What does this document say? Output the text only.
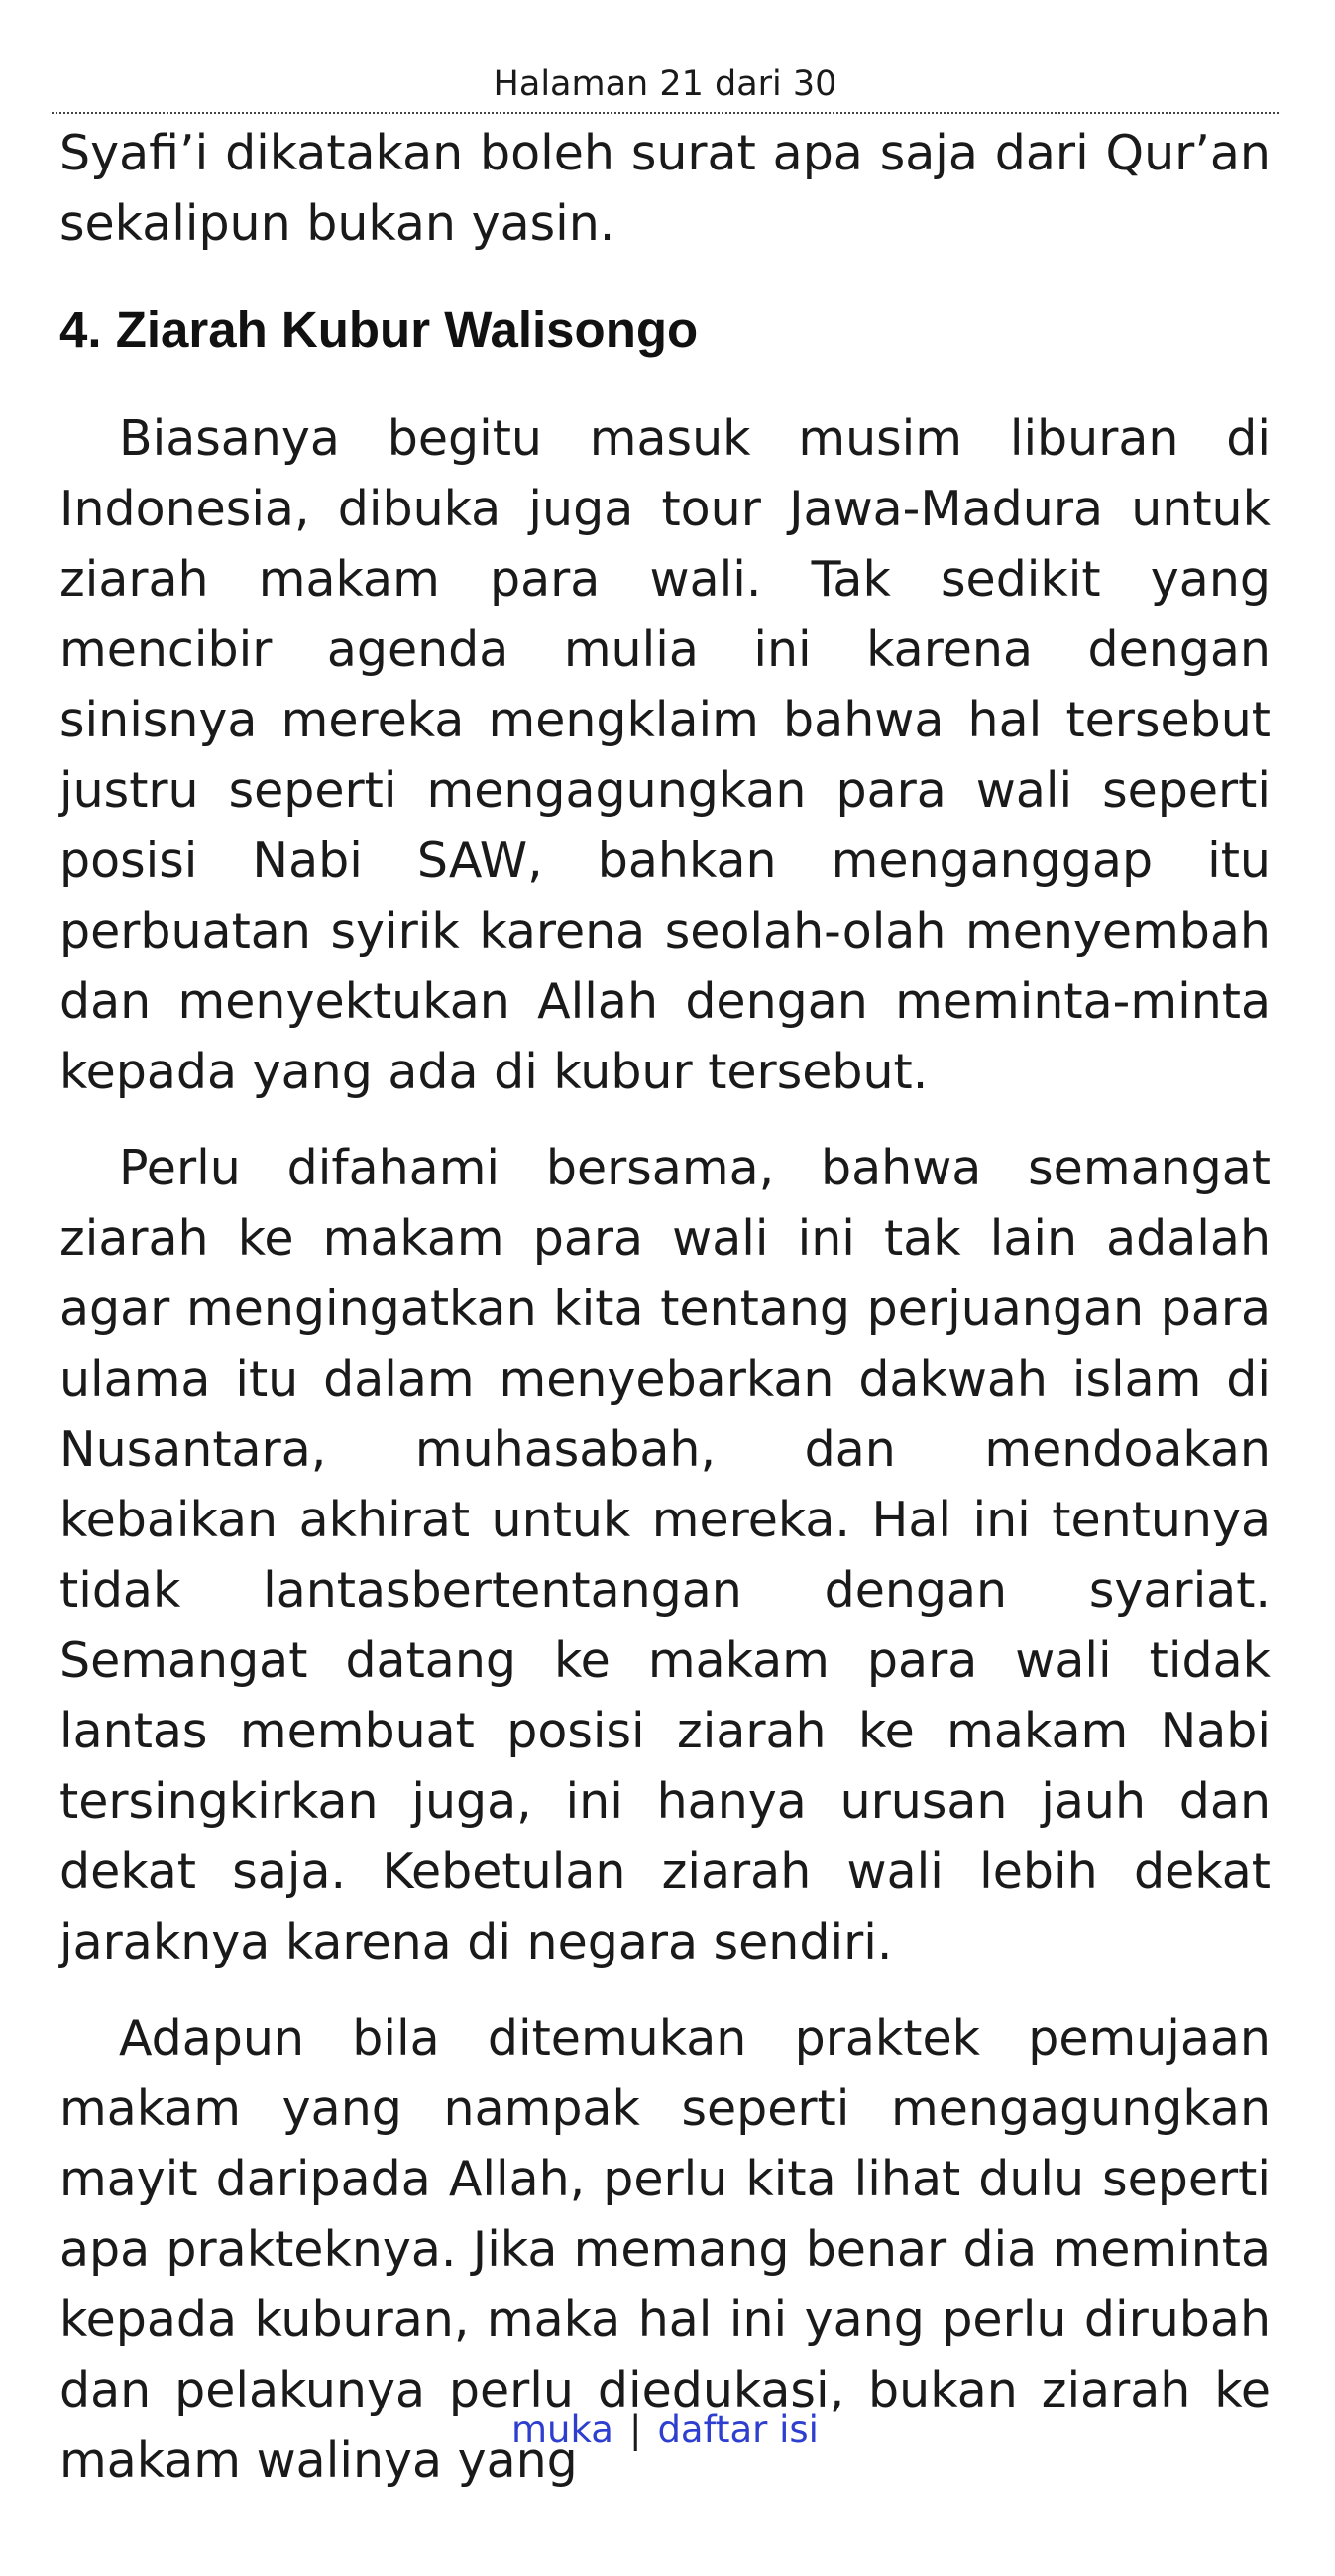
Halaman 21 dari 30

Syafi’i dikatakan boleh surat apa saja dari Qur’an sekalipun bukan yasin.

4. Ziarah Kubur Walisongo

Biasanya begitu masuk musim liburan di Indonesia, dibuka juga tour Jawa-Madura untuk ziarah makam para wali. Tak sedikit yang mencibir agenda mulia ini karena dengan sinisnya mereka mengklaim bahwa hal tersebut justru seperti mengagungkan para wali seperti posisi Nabi SAW, bahkan menganggap itu perbuatan syirik karena seolah-olah menyembah dan menyektukan Allah dengan meminta-minta kepada yang ada di kubur tersebut.

Perlu difahami bersama, bahwa semangat ziarah ke makam para wali ini tak lain adalah agar mengingatkan kita tentang perjuangan para ulama itu dalam menyebarkan dakwah islam di Nusantara, muhasabah, dan mendoakan kebaikan akhirat untuk mereka. Hal ini tentunya tidak lantasbertentangan dengan syariat. Semangat datang ke makam para wali tidak lantas membuat posisi ziarah ke makam Nabi tersingkirkan juga, ini hanya urusan jauh dan dekat saja. Kebetulan ziarah wali lebih dekat jaraknya karena di negara sendiri.

Adapun bila ditemukan praktek pemujaan makam yang nampak seperti mengagungkan mayit daripada Allah, perlu kita lihat dulu seperti apa prakteknya. Jika memang benar dia meminta kepada kuburan, maka hal ini yang perlu dirubah dan pelakunya perlu diedukasi, bukan ziarah ke makam walinya yang

muka | daftar isi
